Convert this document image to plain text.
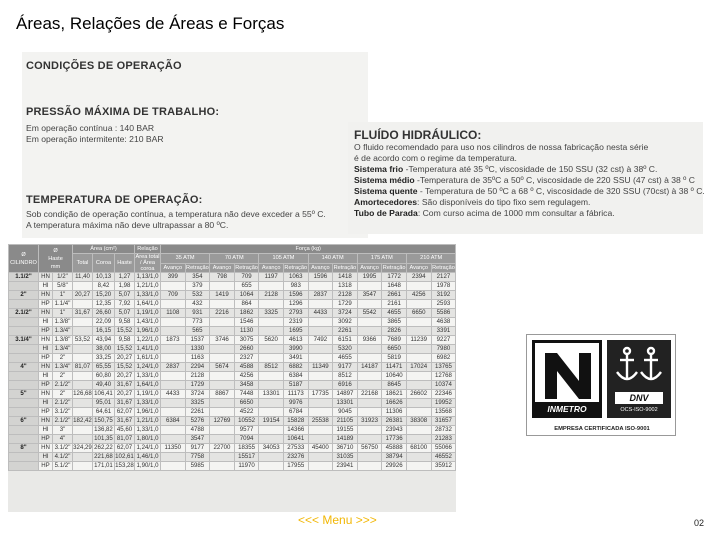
Áreas, Relações de Áreas e Forças
CONDIÇÕES DE OPERAÇÃO
PRESSÃO MÁXIMA DE TRABALHO:
Em operação contínua : 140 BAR
Em operação intermitente: 210 BAR
TEMPERATURA DE OPERAÇÃO:
Sob condição de operação contínua, a temperatura não deve exceder a 55º C.
A temperatura máxima não deve ultrapassar a 80 ºC.
FLUÍDO HIDRÁULICO:
O fluido recomendado para uso nos cilindros de nossa fabricação nesta série
é de acordo com o regime da temperatura.
Sistema frio -Temperatura até 35 ºC, viscosidade de 150 SSU (32 cst) à 38º C.
Sistema médio -Temperatura de 35ºC a 50º C, viscosidade de 220 SSU (47 cst) à 38 º C
Sistema quente - Temperatura de 50 ºC a 68 º C, viscosidade de 320 SSU (70cst) à 38 º C.
Amortecedores: São disponíveis do tipo fixo sem regulagem.
Tubo de Parada: Com curso acima de 1000 mm consultar a fábrica.
Ø
CILINDRO	Ø
Haste
mm		Área (cm²)			Relação	Força (kg)											
			Total	Coroa	Haste	Área total / Área coroa	35 ATM		70 ATM		105 ATM		140 ATM		175 ATM		210 ATM	
							Avanço	Retração	Avanço	Retração	Avanço	Retração	Avanço	Retração	Avanço	Retração	Avanço	Retração
1.1/2"	HN	1/2"	11,40	10,13	1,27	1,13/1,0	399	354	798	709	1197	1063	1596	1418	1995	1772	2394	2127
	HI	5/8"		8,42	1,98	1,21/1,0		379		655		983		1318		1648		1978
2"	HN	1"	20,27	15,20	5,07	1,33/1,0	709	532	1419	1064	2128	1596	2837	2128	3547	2661	4256	3192
	HP	1.1/4"		12,35	7,92	1,64/1,0		432		864		1296		1729		2161		2593
2.1/2"	HN	1"	31,67	26,60	5,07	1,19/1,0	1108	931	2216	1862	3325	2793	4433	3724	5542	4655	6650	5586
	HI	1.3/8"		22,09	9,58	1,43/1,0		773		1546		2319		3092		3865		4638
	HP	1.3/4"		16,15	15,52	1,96/1,0		565		1130		1695		2261		2826		3391
3.1/4"	HN	1.3/8"	53,52	43,94	9,58	1,22/1,0	1873	1537	3746	3075	5620	4613	7492	6151	9366	7689	11239	9227
	HI	1.3/4"		38,00	15,52	1,41/1,0		1330		2660		3990		5320		6650		7980
	HP	2"		33,25	20,27	1,61/1,0		1163		2327		3491		4655		5819		6982
4"	HN	1.3/4"	81,07	65,55	15,52	1,24/1,0	2837	2294	5674	4588	8512	6882	11349	9177	14187	11471	17024	13765
	HI	2"		60,80	20,27	1,33/1,0		2128		4256		6384		8512		10640		12768
	HP	2.1/2"		49,40	31,67	1,64/1,0		1729		3458		5187		6916		8645		10374
5"	HN	2"	126,68	106,41	20,27	1,19/1,0	4433	3724	8867	7448	13301	11173	17735	14897	22168	18621	26602	22346
	HI	2.1/2"		95,01	31,67	1,33/1,0		3325		6650		9976		13301		16626		19952
	HP	3.1/2"		64,61	62,07	1,96/1,0		2261		4522		6784		9045		11306		13568
6"	HN	2.1/2"	182,42	150,75	31,67	1,21/1,0	6384	5276	12769	10552	19154	15828	25538	21105	31923	26381	38308	31657
	HI	3"		136,82	45,60	1,33/1,0		4788		9577		14366		19155		23943		28732
	HP	4"		101,35	81,07	1,80/1,0		3547		7094		10641		14189		17736		21283
8"	HN	3.1/2"	324,29	262,22	62,07	1,24/1,0	11350	9177	22700	18355	34053	27533	45400	36710	56750	45888	68100	55066
	HI	4.1/2"		221,68	102,61	1,46/1,0		7758		15517		23276		31035		38794		46552
	HP	5.1/2"		171,01	153,28	1,90/1,0		5985		11970		17955		23941		29926		35912
INMETRO
DNV
OCS-ISO-9002
EMPRESA CERTIFICADA ISO-9001
<<< Menu >>>	02
